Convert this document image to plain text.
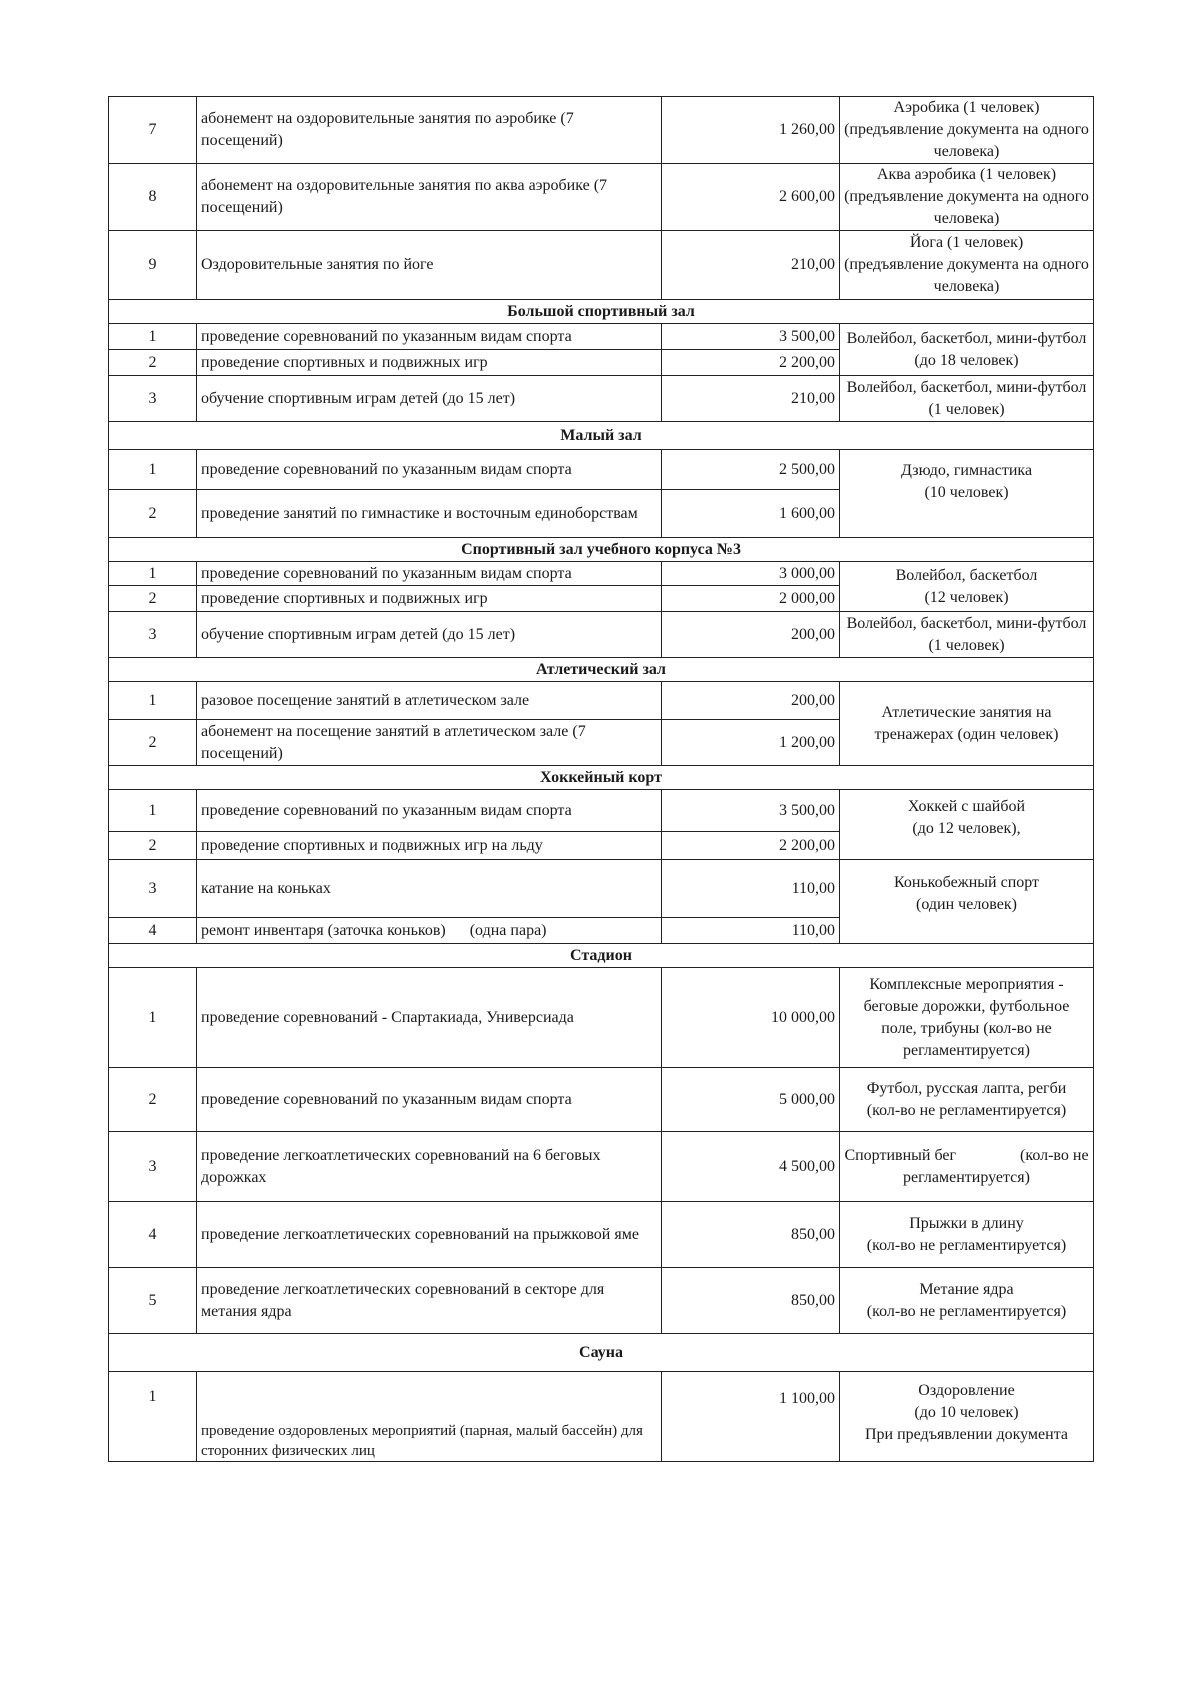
7	абонемент на оздоровительные занятия по аэробике (7 посещений)	1 260,00	Аэробика (1 человек)
(предъявление документа на одного человека)
8	абонемент на оздоровительные занятия по аква аэробике (7 посещений)	2 600,00	Аква аэробика (1 человек)
(предъявление документа на одного человека)
9	Оздоровительные занятия по йоге	210,00	Йога (1 человек)
(предъявление документа на одного человека)
Большой спортивный зал			
1	проведение соревнований по указанным видам спорта	3 500,00	Волейбол, баскетбол, мини-футбол (до 18 человек)
2	проведение спортивных и подвижных игр	2 200,00	
3	обучение спортивным играм детей (до 15 лет)	210,00	Волейбол, баскетбол, мини-футбол (1 человек)
Малый зал			
1	проведение соревнований по указанным видам спорта	2 500,00	Дзюдо, гимнастика
(10 человек)
2	проведение занятий по гимнастике и восточным единоборствам	1 600,00	
Спортивный зал учебного корпуса №3			
1	проведение соревнований по указанным видам спорта	3 000,00	Волейбол, баскетбол
(12 человек)
2	проведение спортивных и подвижных игр	2 000,00	
3	обучение спортивным играм детей (до 15 лет)	200,00	Волейбол, баскетбол, мини-футбол (1 человек)
Атлетический зал			
1	разовое посещение занятий в атлетическом зале	200,00	Атлетические занятия на тренажерах (один человек)
2	абонемент на посещение занятий в атлетическом зале (7 посещений)	1 200,00	
Хоккейный корт			
1	проведение соревнований по указанным видам спорта	3 500,00	Хоккей с шайбой
(до 12 человек),
2	проведение спортивных и подвижных игр на льду	2 200,00	
3	катание на коньках	110,00	Конькобежный спорт
(один человек)
4	ремонт инвентаря (заточка коньков)      (одна пара)	110,00	
Стадион			
1	проведение соревнований - Спартакиада, Универсиада	10 000,00	Комплексные мероприятия - беговые дорожки, футбольное поле, трибуны (кол-во не регламентируется)
2	проведение соревнований по указанным видам спорта	5 000,00	Футбол, русская лапта, регби
(кол-во не регламентируется)
3	проведение легкоатлетических соревнований на 6 беговых дорожках	4 500,00	Спортивный бег                (кол-во не регламентируется)
4	проведение легкоатлетических соревнований на прыжковой яме	850,00	Прыжки в длину
(кол-во не регламентируется)
5	проведение легкоатлетических соревнований в секторе для метания ядра	850,00	Метание ядра
(кол-во не регламентируется)
Сауна			
1	проведение оздоровленых мероприятий (парная, малый бассейн) для сторонних физических лиц	1 100,00	Оздоровление
(до 10 человек)
При предъявлении документа
